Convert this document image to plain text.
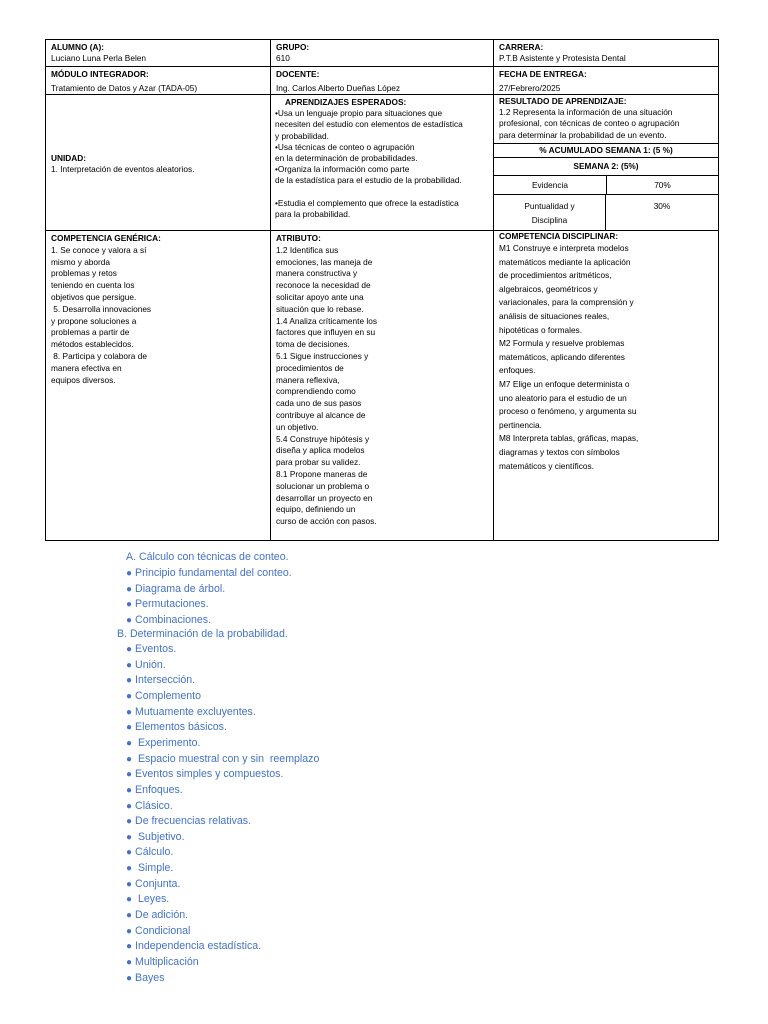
ALUMNO (A):
Luciano Luna Perla Belen
GRUPO:
610
CARRERA:
P.T.B Asistente y Protesista Dental
MÓDULO INTEGRADOR:
Tratamiento de Datos y Azar (TADA-05)
DOCENTE:
Ing. Carlos Alberto Dueñas López
FECHA DE ENTREGA:
27/Febrero/2025
UNIDAD:
1. Interpretación de eventos aleatorios.
APRENDIZAJES ESPERADOS:
•Usa un lenguaje propio para situaciones que
necesiten del estudio con elementos de estadística
y probabilidad.
•Usa técnicas de conteo o agrupación
en la determinación de probabilidades.
•Organiza la información como parte
de la estadística para el estudio de la probabilidad.

•Estudia el complemento que ofrece la estadística
para la probabilidad.
RESULTADO DE APRENDIZAJE:
1.2 Representa la información de una situación
profesional, con técnicas de conteo o agrupación
para determinar la probabilidad de un evento.
% ACUMULADO SEMANA 1: (5 %)
SEMANA 2: (5%)
Evidencia	70%
Puntualidad y
Disciplina
30%
COMPETENCIA GENÉRICA:
1. Se conoce y valora a sí
mismo y aborda
problemas y retos
teniendo en cuenta los
objetivos que persigue.
5. Desarrolla innovaciones
y propone soluciones a
problemas a partir de
métodos establecidos.
8. Participa y colabora de
manera efectiva en
equipos diversos.
ATRIBUTO:
1.2 Identifica sus
emociones, las maneja de
manera constructiva y
reconoce la necesidad de
solicitar apoyo ante una
situación que lo rebase.
1.4 Analiza críticamente los
factores que influyen en su
toma de decisiones.
5.1 Sigue instrucciones y
procedimientos de
manera reflexiva,
comprendiendo como
cada uno de sus pasos
contribuye al alcance de
un objetivo.
5.4 Construye hipótesis y
diseña y aplica modelos
para probar su validez.
8.1 Propone maneras de
solucionar un problema o
desarrollar un proyecto en
equipo, definiendo un
curso de acción con pasos.
COMPETENCIA DISCIPLINAR:
M1 Construye e interpreta modelos
matemáticos mediante la aplicación
de procedimientos aritméticos,
algebraicos, geométricos y
variacionales, para la comprensión y
análisis de situaciones reales,
hipotéticas o formales.
M2 Formula y resuelve problemas
matemáticos, aplicando diferentes
enfoques.
M7 Elige un enfoque determinista o
uno aleatorio para el estudio de un
proceso o fenómeno, y argumenta su
pertinencia.
M8 Interpreta tablas, gráficas, mapas,
diagramas y textos con símbolos
matemáticos y científicos.
A. Cálculo con técnicas de conteo.
● Principio fundamental del conteo.
● Diagrama de árbol.
● Permutaciones.
● Combinaciones.
B. Determinación de la probabilidad.
● Eventos.
● Unión.
● Intersección.
● Complemento
● Mutuamente excluyentes.
● Elementos básicos.
● Experimento.
● Espacio muestral con y sin  reemplazo
● Eventos simples y compuestos.
● Enfoques.
● Clásico.
● De frecuencias relativas.
● Subjetivo.
● Cálculo.
● Simple.
● Conjunta.
● Leyes.
● De adición.
● Condicional
● Independencia estadística.
● Multiplicación
● Bayes
